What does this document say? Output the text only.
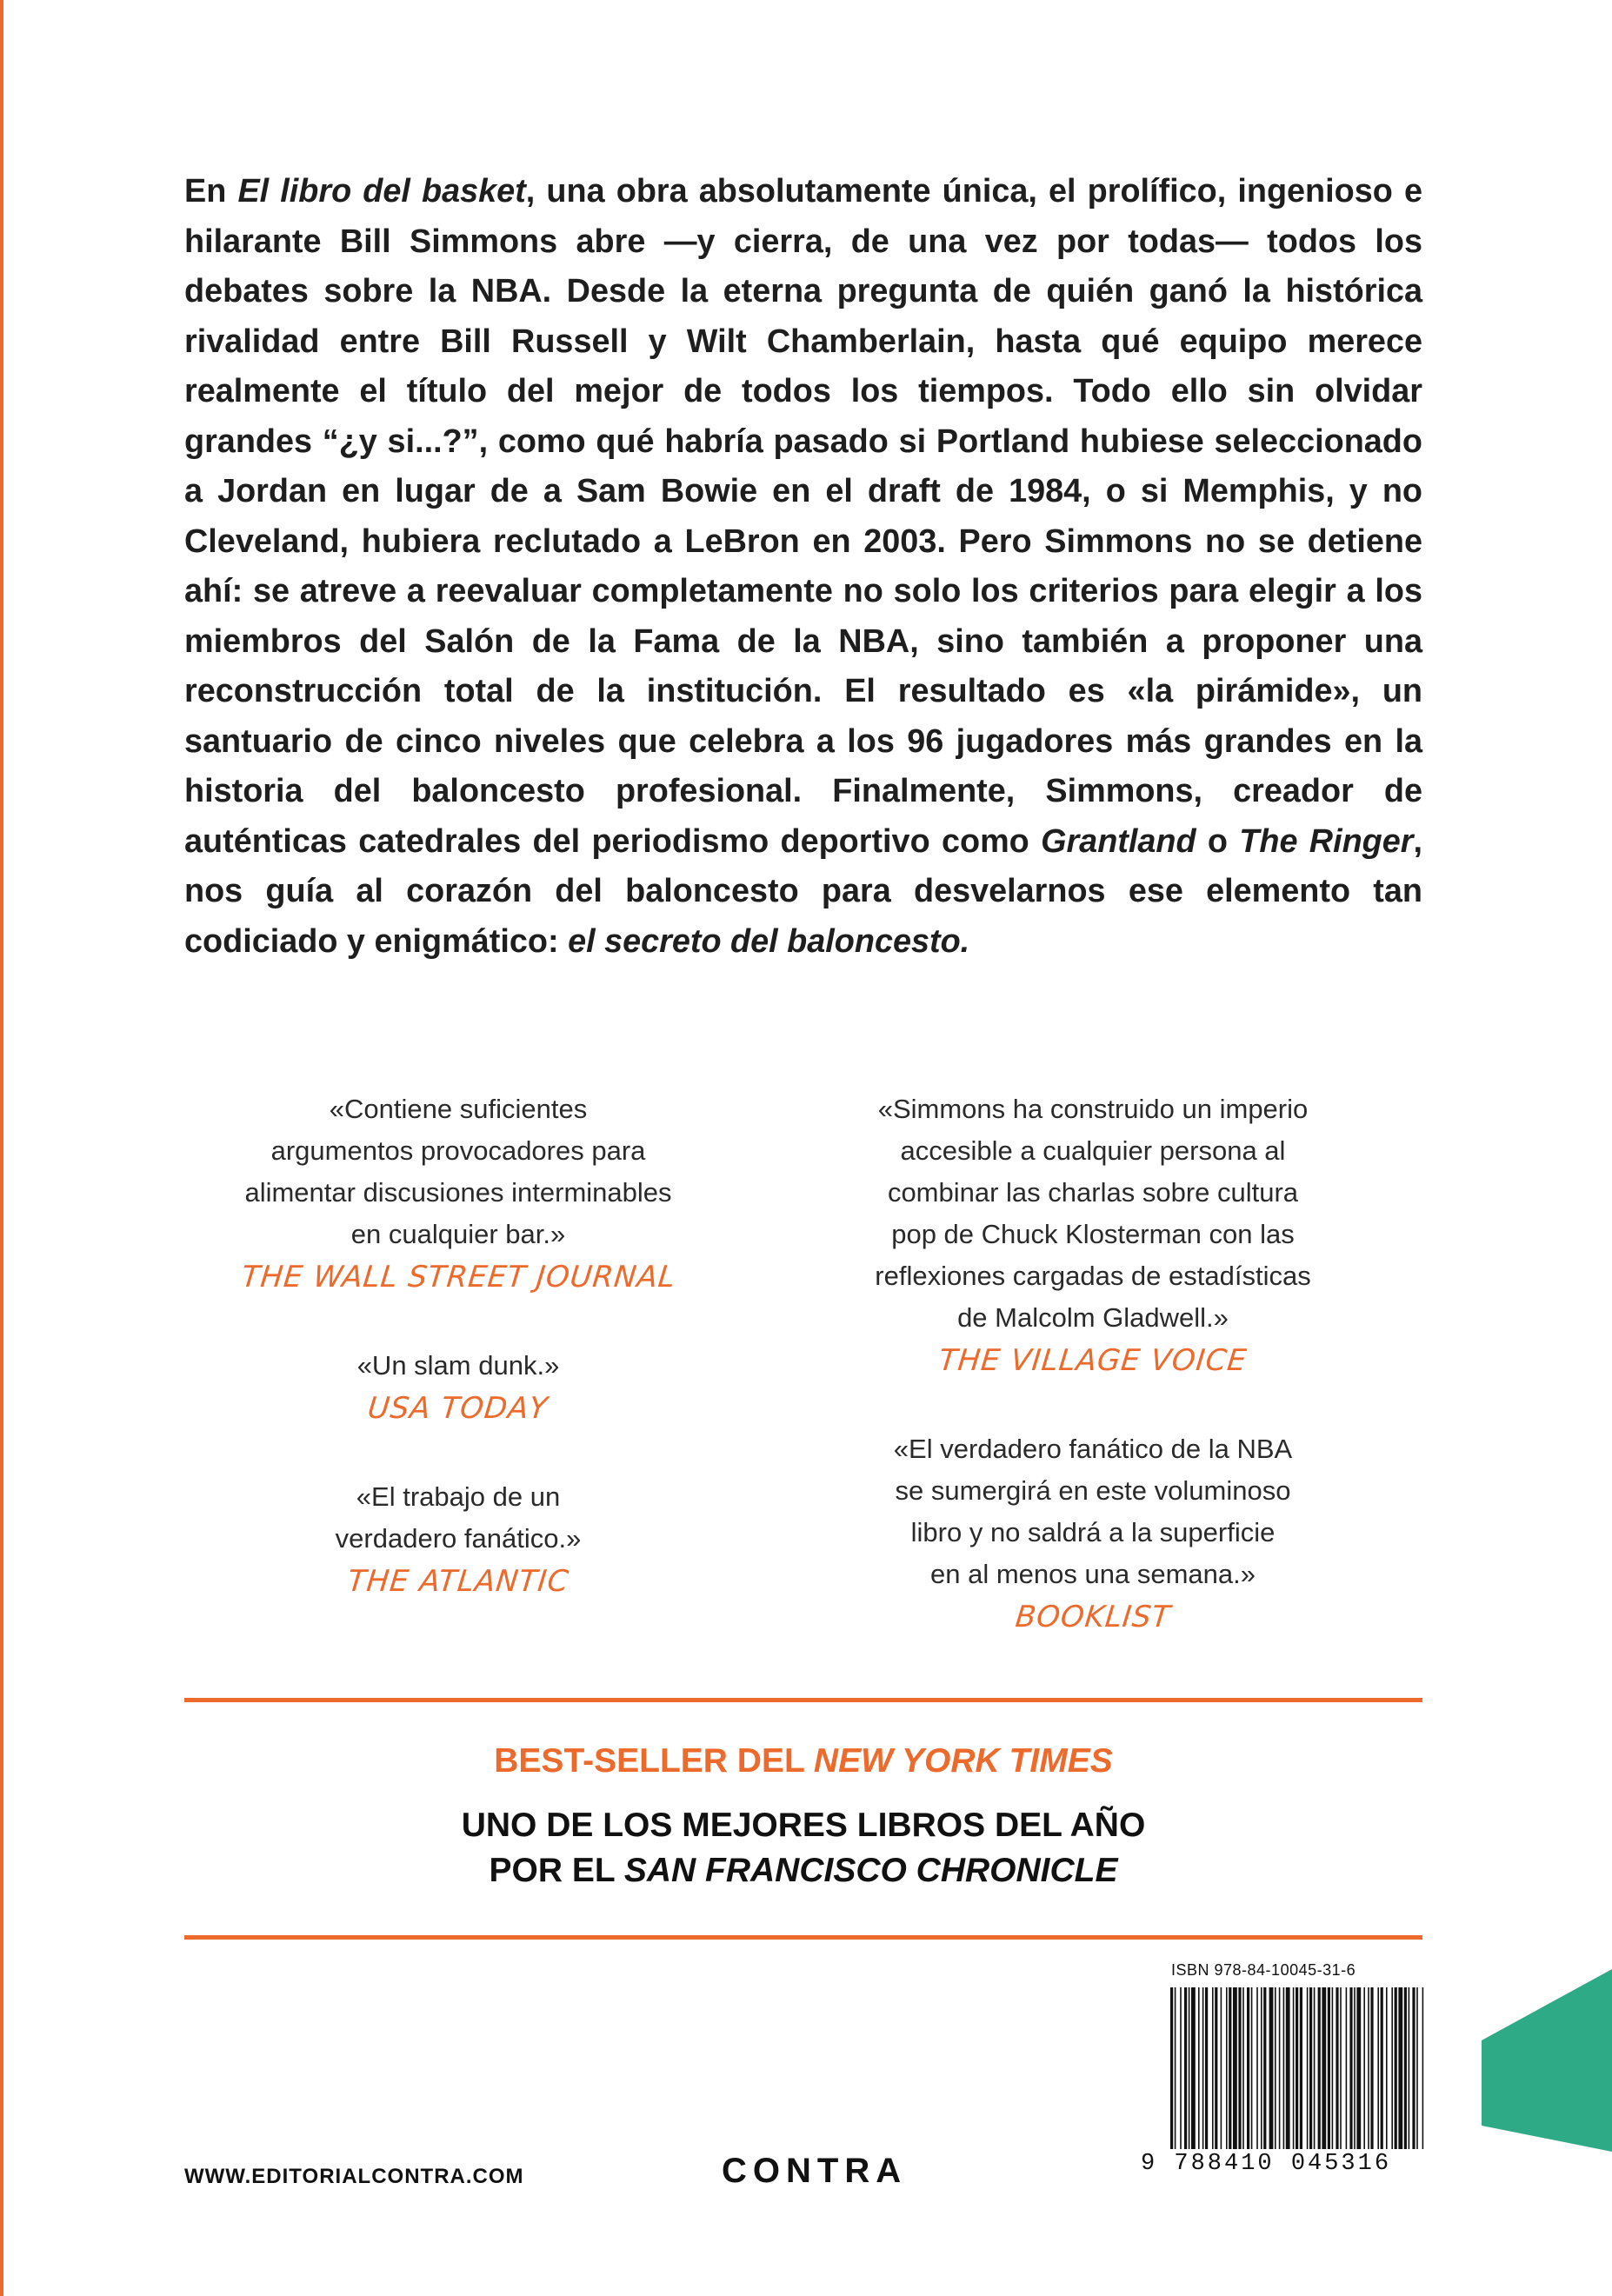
En El libro del basket, una obra absolutamente única, el prolífico, ingenioso e hilarante Bill Simmons abre —y cierra, de una vez por todas— todos los debates sobre la NBA. Desde la eterna pregunta de quién ganó la histórica rivalidad entre Bill Russell y Wilt Chamberlain, hasta qué equipo merece realmente el título del mejor de todos los tiempos. Todo ello sin olvidar grandes “¿y si...?”, como qué habría pasado si Portland hubiese seleccionado a Jordan en lugar de a Sam Bowie en el draft de 1984, o si Memphis, y no Cleveland, hubiera reclutado a LeBron en 2003. Pero Simmons no se detiene ahí: se atreve a reevaluar completamente no solo los criterios para elegir a los miembros del Salón de la Fama de la NBA, sino también a proponer una reconstrucción total de la institución. El resultado es «la pirámide», un santuario de cinco niveles que celebra a los 96 jugadores más grandes en la historia del baloncesto profesional. Finalmente, Simmons, creador de auténticas catedrales del periodismo deportivo como Grantland o The Ringer, nos guía al corazón del baloncesto para desvelarnos ese elemento tan codiciado y enigmático: el secreto del baloncesto.

«Contiene suficientes
argumentos provocadores para
alimentar discusiones interminables
en cualquier bar.»
THE WALL STREET JOURNAL
«Un slam dunk.»
USA TODAY
«El trabajo de un
verdadero fanático.»
THE ATLANTIC
«Simmons ha construido un imperio
accesible a cualquier persona al
combinar las charlas sobre cultura
pop de Chuck Klosterman con las
reflexiones cargadas de estadísticas
de Malcolm Gladwell.»
THE VILLAGE VOICE
«El verdadero fanático de la NBA
se sumergirá en este voluminoso
libro y no saldrá a la superficie
en al menos una semana.»
BOOKLIST
BEST-SELLER DEL NEW YORK TIMES
UNO DE LOS MEJORES LIBROS DEL AÑO
POR EL SAN FRANCISCO CHRONICLE
ISBN 978-84-10045-31-6
9 788410 045316
WWW.EDITORIALCONTRA.COM	CONTRA
